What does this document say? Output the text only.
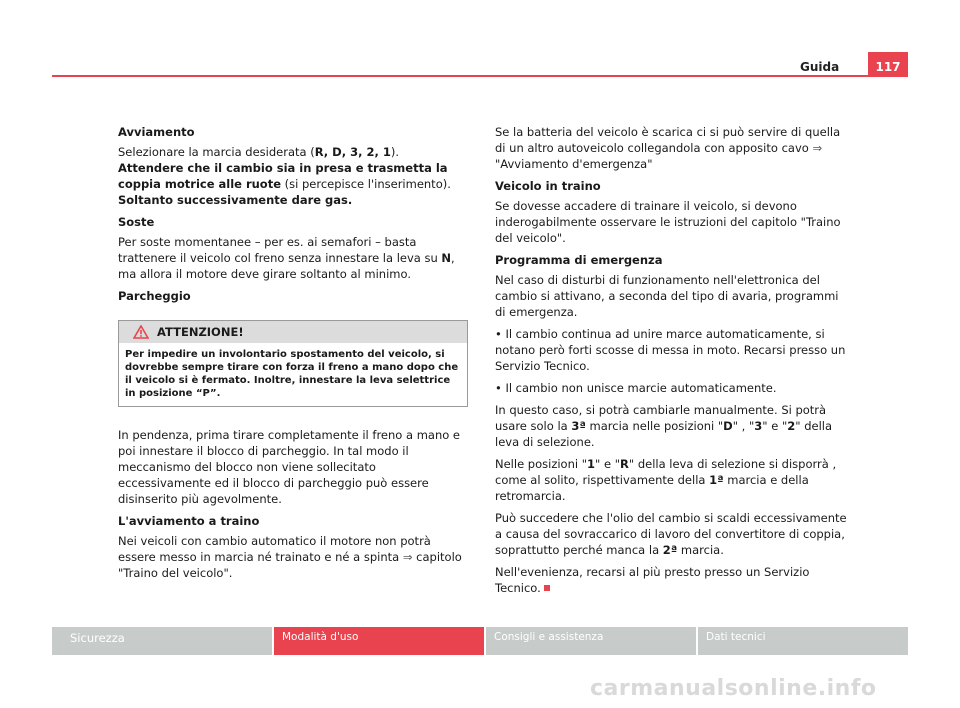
Guida	117
Avviamento

Selezionare la marcia desiderata (R, D, 3, 2, 1). Attendere che il cambio sia in presa e trasmetta la coppia motrice alle ruote (si percepisce l'inserimento). Soltanto successivamente dare gas.

Soste

Per soste momentanee – per es. ai semafori – basta trattenere il veicolo col freno senza innestare la leva su N, ma allora il motore deve girare soltanto al minimo.

Parcheggio
ATTENZIONE!
Per impedire un involontario spostamento del veicolo, si dovrebbe sempre tirare con forza il freno a mano dopo che il veicolo si è fermato. Inoltre, innestare la leva selettrice in posizione “P”.

In pendenza, prima tirare completamente il freno a mano e poi innestare il blocco di parcheggio. In tal modo il meccanismo del blocco non viene sollecitato eccessivamente ed il blocco di parcheggio può essere disinserito più agevolmente.

L'avviamento a traino

Nei veicoli con cambio automatico il motore non potrà essere messo in marcia né trainato e né a spinta ⇒ capitolo "Traino del veicolo".

Se la batteria del veicolo è scarica ci si può servire di quella di un altro autoveicolo collegandola con apposito cavo ⇒ "Avviamento d'emergenza"

Veicolo in traino

Se dovesse accadere di trainare il veicolo, si devono inderogabilmente osservare le istruzioni del capitolo "Traino del veicolo".

Programma di emergenza

Nel caso di disturbi di funzionamento nell'elettronica del cambio si attivano, a seconda del tipo di avaria, programmi di emergenza.

• Il cambio continua ad unire marce automaticamente, si notano però forti scosse di messa in moto. Recarsi presso un Servizio Tecnico.

• Il cambio non unisce marcie automaticamente.

In questo caso, si potrà cambiarle manualmente. Si potrà usare solo la 3ª marcia nelle posizioni "D" , "3" e "2" della leva di selezione.

Nelle posizioni "1" e "R" della leva di selezione si disporrà , come al solito, rispettivamente della 1ª marcia e della retromarcia.

Può succedere che l'olio del cambio si scaldi eccessivamente a causa del sovraccarico di lavoro del convertitore di coppia, soprattutto perché manca la 2ª marcia.

Nell'evenienza, recarsi al più presto presso un Servizio Tecnico.

Sicurezza	Modalità d'uso	Consigli e assistenza	Dati tecnici
carmanualsonline.info
